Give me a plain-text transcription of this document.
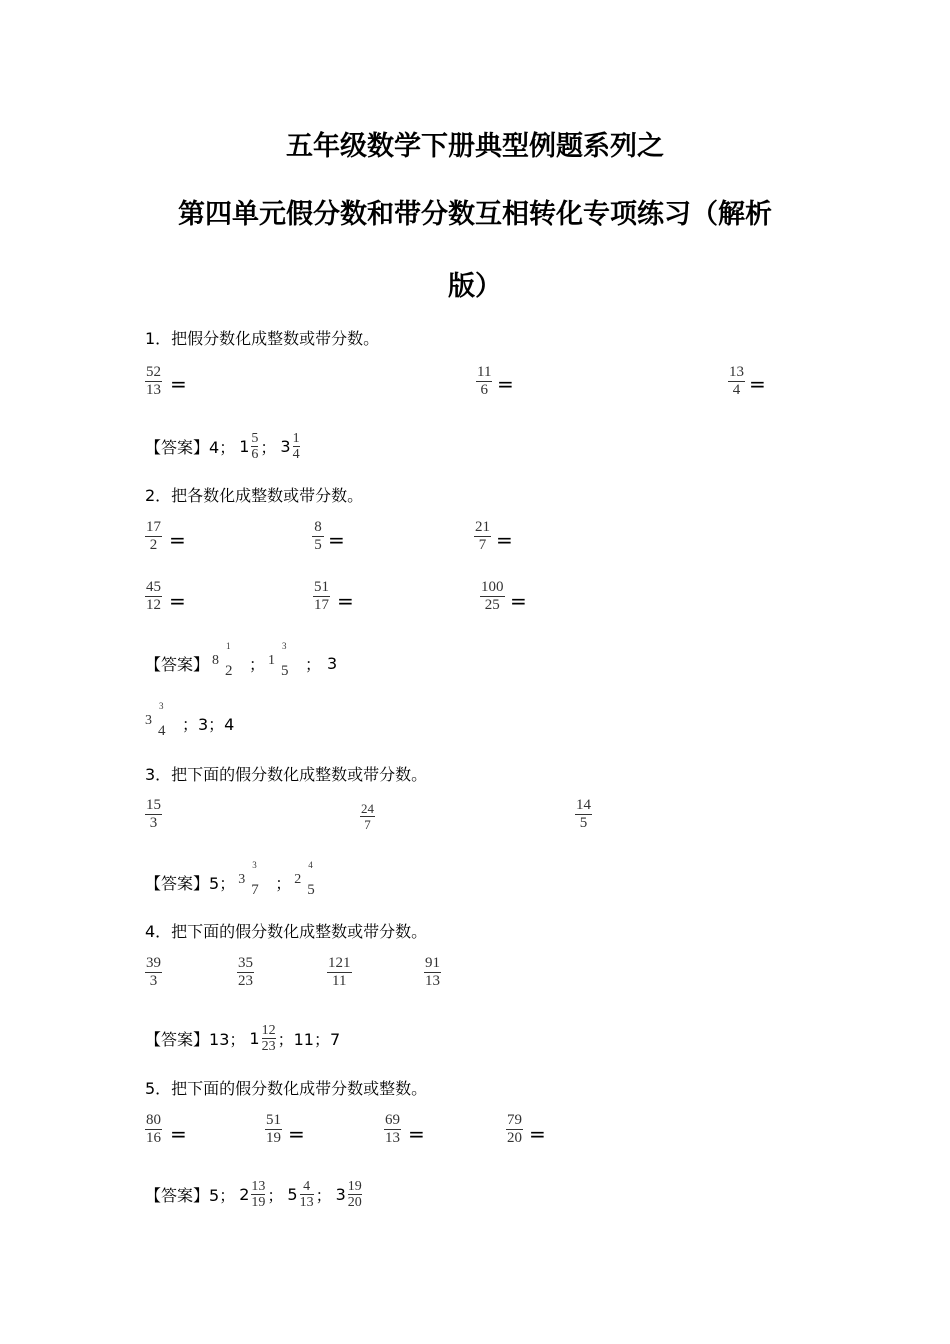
五年级数学下册典型例题系列之
第四单元假分数和带分数互相转化专项练习（解析
版）
1．把假分数化成整数或带分数。
52
13 =	11
6 =	13
4 =
【答案】 4； 1 5
6 ； 3 1
4
2．把各数化成整数或带分数。
17
2 =
8
5 =
21
7 =
45
12 =
51
17 =
100
25 =
【答案】 8
1
2 ； 1
3
5 ； 3
3
3
4 ；3；4
3．把下面的假分数化成整数或带分数。
15
3
24
7
14
5
【答案】 5； 3
3
7 ； 2
4
5
4．把下面的假分数化成整数或带分数。
39
3
35
23
121
11
91
13
【答案】 13； 1 12
23 ；11；7
5．把下面的假分数化成带分数或整数。
80
16 =
51
19 =
69
13 =
79
20 =
【答案】 5； 2 13
19 ； 5 4
13 ； 3 19
20
